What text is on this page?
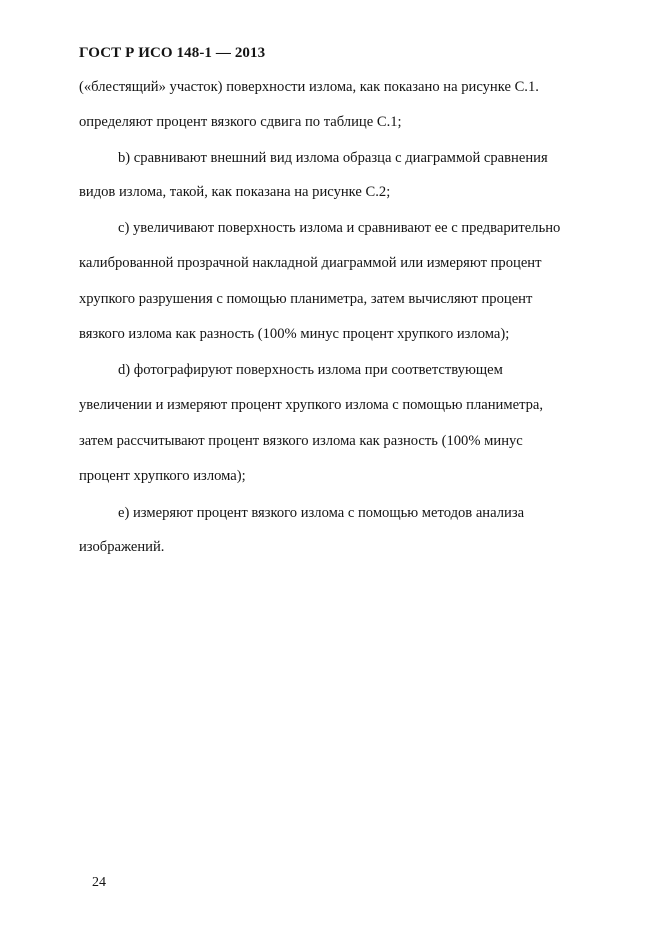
ГОСТ Р ИСО 148-1 — 2013
(«блестящий» участок) поверхности излома, как показано на рисунке С.1.
определяют процент вязкого сдвига по таблице С.1;
b) сравнивают внешний вид излома образца с диаграммой сравнения
видов излома, такой, как показана на рисунке С.2;
c) увеличивают поверхность излома и сравнивают ее с предварительно
калиброванной прозрачной накладной диаграммой или измеряют процент
хрупкого разрушения с помощью планиметра, затем вычисляют процент
вязкого излома как разность (100% минус процент хрупкого излома);
d) фотографируют поверхность излома при соответствующем
увеличении и измеряют процент хрупкого излома с помощью планиметра,
затем рассчитывают процент вязкого излома как разность (100% минус
процент хрупкого излома);
e) измеряют процент вязкого излома с помощью методов анализа
изображений.
24
